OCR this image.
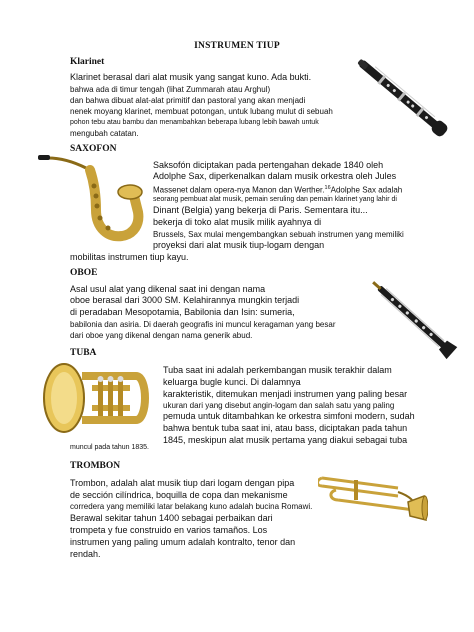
INSTRUMEN TIUP
Klarinet
Klarinet berasal dari alat musik yang sangat kuno. Ada bukti.
bahwa ada di timur tengah (lihat Zummarah atau Arghul)
dan bahwa dibuat alat-alat primitif dan pastoral yang akan menjadi
nenek moyang klarinet, membuat potongan, untuk lubang mulut di sebuah
pohon tebu atau bambu dan menambahkan beberapa lubang lebih bawah untuk
mengubah catatan.
SAXOFON
Saksofón diciptakan pada pertengahan dekade 1840 oleh
Adolphe Sax, diperkenalkan dalam musik orkestra oleh Jules
Massenet dalam opera-nya Manon dan Werther.$^{16}$Adolphe Sax adalah
seorang pembuat alat musik, pemain seruling dan pemain klarinet yang lahir di
Dinant (Belgia) yang bekerja di Paris. Sementara itu...
bekerja di toko alat musik milik ayahnya di
Brussels, Sax mulai mengembangkan sebuah instrumen yang memiliki
proyeksi dari alat musik tiup-logam dengan
mobilitas instrumen tiup kayu.
OBOE
Asal usul alat yang dikenal saat ini dengan nama
oboe berasal dari 3000 SM. Kelahirannya mungkin terjadi
di peradaban Mesopotamia, Babilonia dan Isin: sumeria,
babilonia dan asiria. Di daerah geografis ini muncul keragaman yang besar
dari oboe yang dikenal dengan nama generik abud.
TUBA
Tuba saat ini adalah perkembangan musik terakhir dalam
keluarga bugle kunci. Di dalamnya
karakteristik, ditemukan menjadi instrumen yang paling besar
ukuran dari yang disebut angin-logam dan salah satu yang paling
pemuda untuk ditambahkan ke orkestra simfoni modern, sudah
bahwa bentuk tuba saat ini, atau bass, diciptakan pada tahun
1845, meskipun alat musik pertama yang diakui sebagai tuba
muncul pada tahun 1835.
TROMBON
Trombon, adalah alat musik tiup dari logam dengan pipa
de sección cilíndrica, boquilla de copa dan mekanisme
corredera yang memiliki latar belakang kuno adalah bucina Romawi.
Berawal sekitar tahun 1400 sebagai perbaikan dari
trompeta y fue construido en varios tamaños. Los
instrumen yang paling umum adalah kontralto, tenor dan
rendah.
